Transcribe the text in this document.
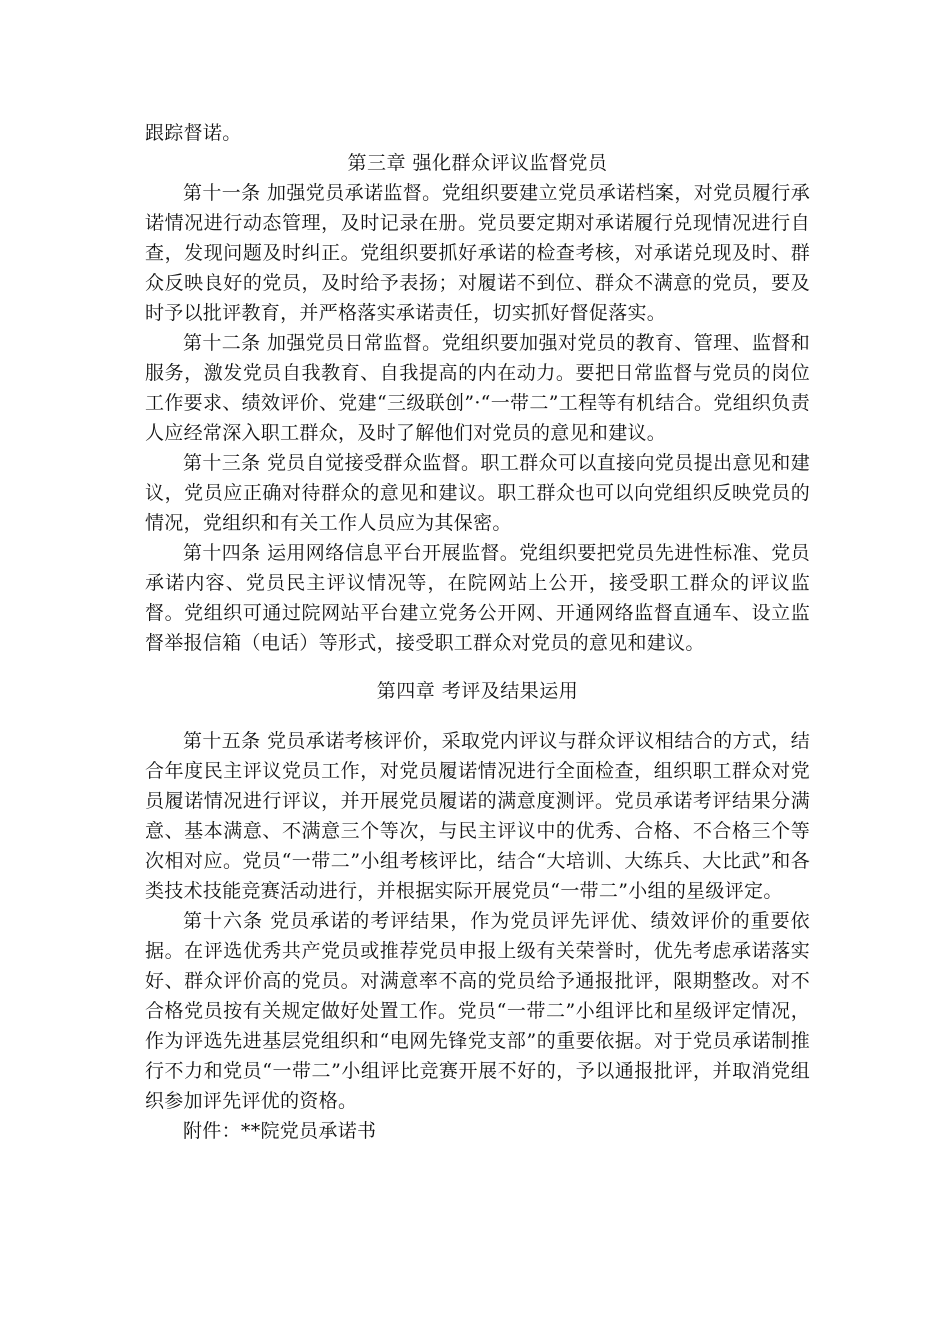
跟踪督诺。

第三章 强化群众评议监督党员

第十一条 加强党员承诺监督。党组织要建立党员承诺档案，对党员履行承诺情况进行动态管理，及时记录在册。党员要定期对承诺履行兑现情况进行自查，发现问题及时纠正。党组织要抓好承诺的检查考核，对承诺兑现及时、群众反映良好的党员，及时给予表扬；对履诺不到位、群众不满意的党员，要及时予以批评教育，并严格落实承诺责任，切实抓好督促落实。

第十二条 加强党员日常监督。党组织要加强对党员的教育、管理、监督和服务，激发党员自我教育、自我提高的内在动力。要把日常监督与党员的岗位工作要求、绩效评价、党建“三级联创”·“一带二”工程等有机结合。党组织负责人应经常深入职工群众，及时了解他们对党员的意见和建议。

第十三条 党员自觉接受群众监督。职工群众可以直接向党员提出意见和建议，党员应正确对待群众的意见和建议。职工群众也可以向党组织反映党员的情况，党组织和有关工作人员应为其保密。

第十四条 运用网络信息平台开展监督。党组织要把党员先进性标准、党员承诺内容、党员民主评议情况等，在院网站上公开，接受职工群众的评议监督。党组织可通过院网站平台建立党务公开网、开通网络监督直通车、设立监督举报信箱（电话）等形式，接受职工群众对党员的意见和建议。

第四章 考评及结果运用

第十五条 党员承诺考核评价，采取党内评议与群众评议相结合的方式，结合年度民主评议党员工作，对党员履诺情况进行全面检查，组织职工群众对党员履诺情况进行评议，并开展党员履诺的满意度测评。党员承诺考评结果分满意、基本满意、不满意三个等次，与民主评议中的优秀、合格、不合格三个等次相对应。党员“一带二”小组考核评比，结合“大培训、大练兵、大比武”和各类技术技能竞赛活动进行，并根据实际开展党员“一带二”小组的星级评定。

第十六条 党员承诺的考评结果，作为党员评先评优、绩效评价的重要依据。在评选优秀共产党员或推荐党员申报上级有关荣誉时，优先考虑承诺落实好、群众评价高的党员。对满意率不高的党员给予通报批评，限期整改。对不合格党员按有关规定做好处置工作。党员“一带二”小组评比和星级评定情况，作为评选先进基层党组织和“电网先锋党支部”的重要依据。对于党员承诺制推行不力和党员“一带二”小组评比竞赛开展不好的，予以通报批评，并取消党组织参加评先评优的资格。

附件：**院党员承诺书
